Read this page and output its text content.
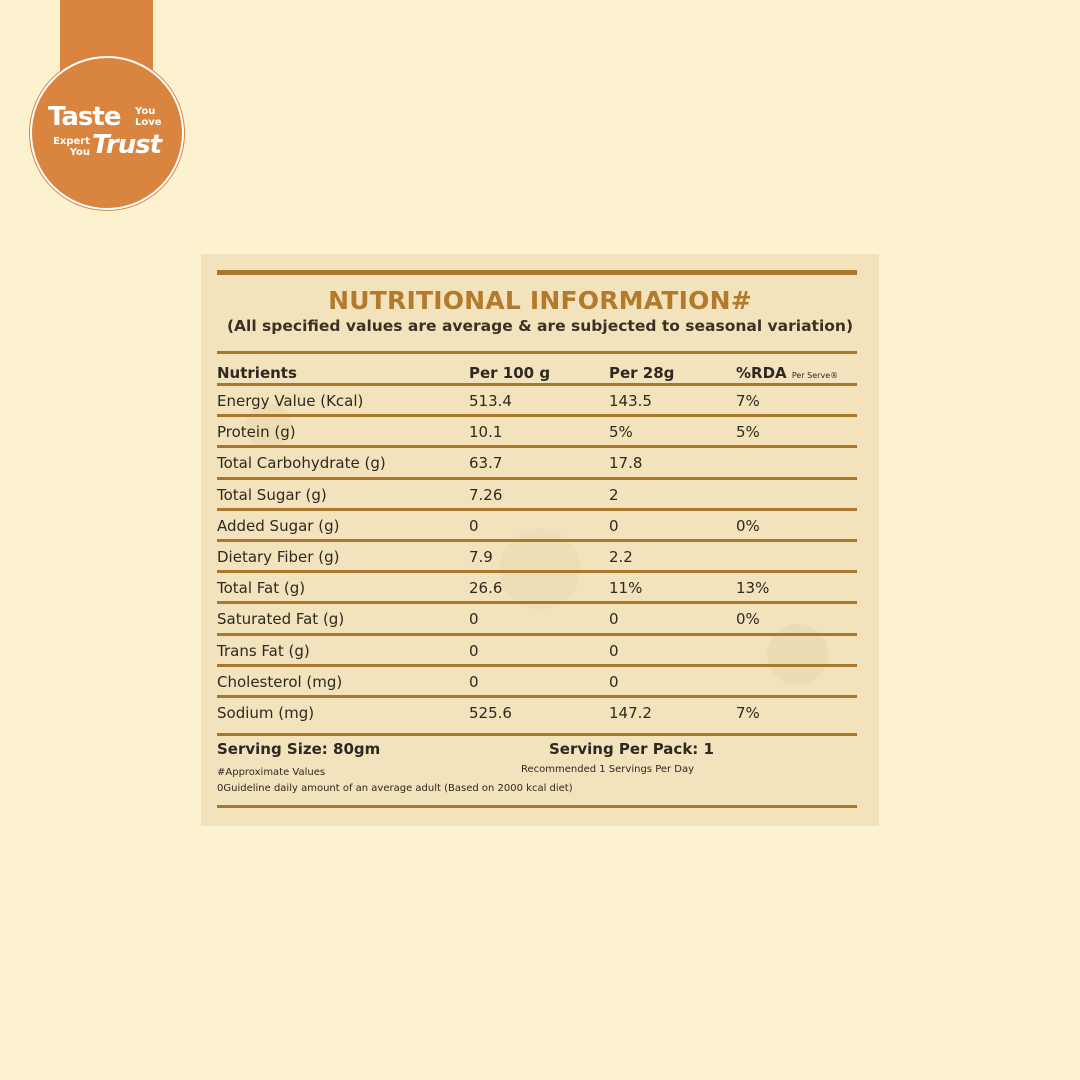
Taste You
Love
Expert
You Trust
NUTRITIONAL INFORMATION#
(All specified values are average & are subjected to seasonal variation)
Nutrients	Per 100 g	Per 28g	%RDA Per Serve®
Energy Value (Kcal)	513.4	143.5	7%
Protein (g)	10.1	5%	5%
Total Carbohydrate (g)	63.7	17.8
Total Sugar (g)	7.26	2
Added Sugar (g)	0	0	0%
Dietary Fiber (g)	7.9	2.2
Total Fat (g)	26.6	11%	13%
Saturated Fat (g)	0	0	0%
Trans Fat (g)	0	0
Cholesterol (mg)	0	0
Sodium (mg)	525.6	147.2	7%
Serving Size: 80gm	Serving Per Pack: 1
#Approximate Values	Recommended 1 Servings Per Day
0Guideline daily amount of an average adult (Based on 2000 kcal diet)
